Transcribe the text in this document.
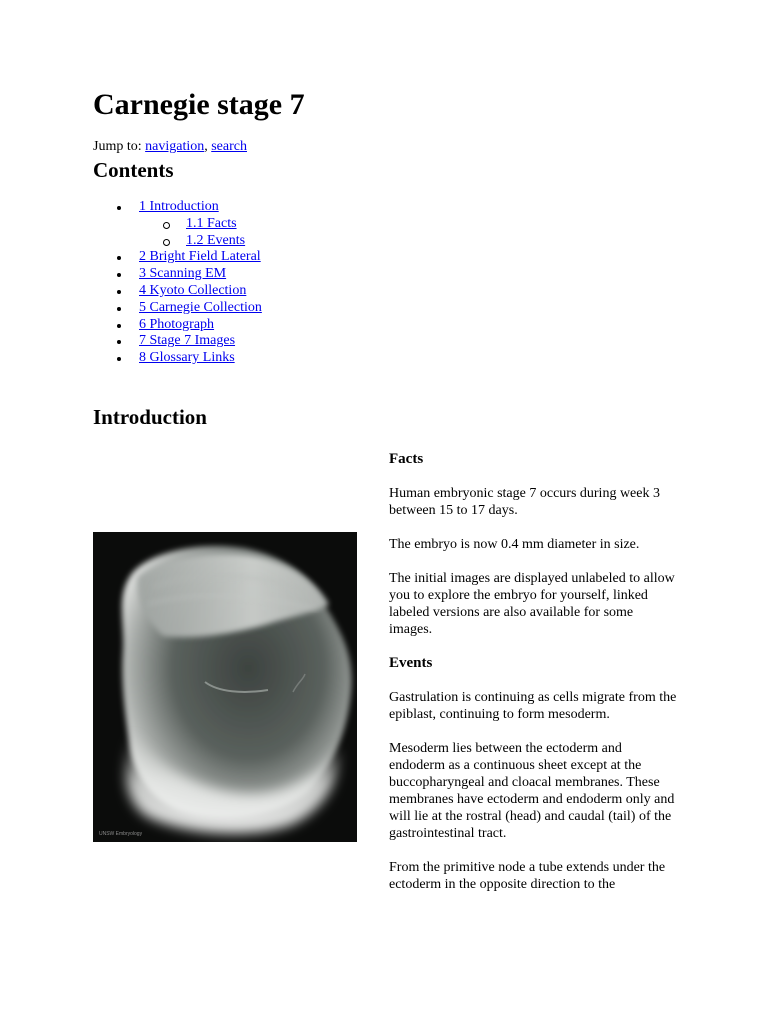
Carnegie stage 7
Jump to: navigation, search
Contents
1 Introduction
1.1 Facts
1.2 Events
2 Bright Field Lateral
3 Scanning EM
4 Kyoto Collection
5 Carnegie Collection
6 Photograph
7 Stage 7 Images
8 Glossary Links
Introduction
UNSW Embryology
Facts

Human embryonic stage 7 occurs during week 3 between 15 to 17 days.

The embryo is now 0.4 mm diameter in size.

The initial images are displayed unlabeled to allow you to explore the embryo for yourself, linked labeled versions are also available for some images.

Events

Gastrulation is continuing as cells migrate from the epiblast, continuing to form mesoderm.

Mesoderm lies between the ectoderm and endoderm as a continuous sheet except at the buccopharyngeal and cloacal membranes. These membranes have ectoderm and endoderm only and will lie at the rostral (head) and caudal (tail) of the gastrointestinal tract.

From the primitive node a tube extends under the ectoderm in the opposite direction to the
